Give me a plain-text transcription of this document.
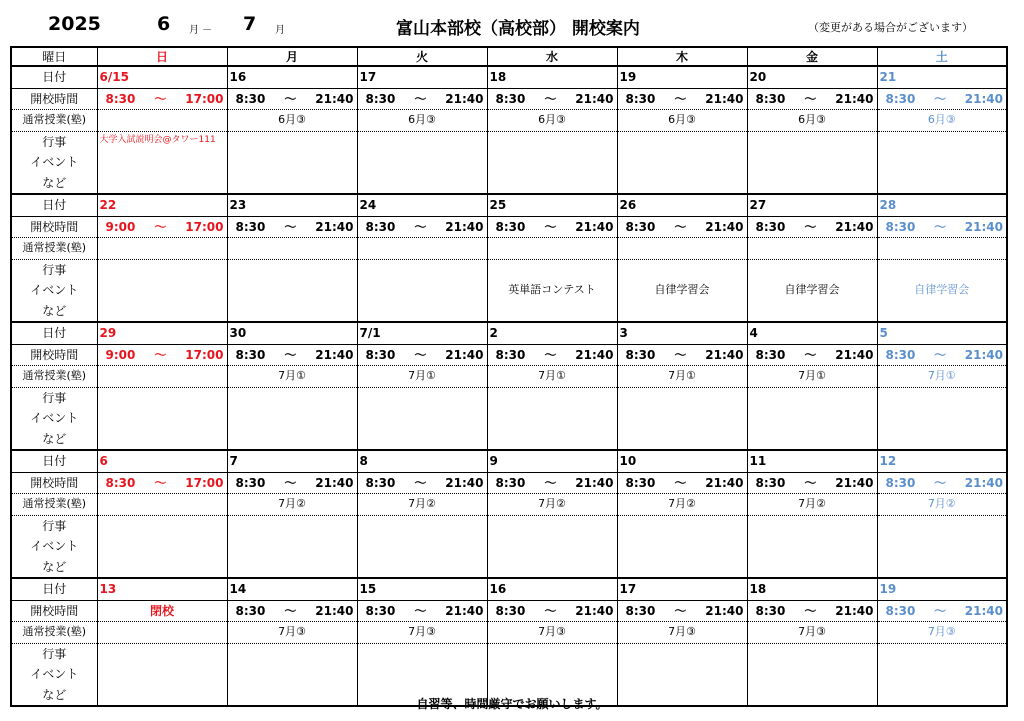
2025	6 月 － 7 月	富山本部校（高校部） 開校案内	（変更がある場合がございます）
曜日	日	月	火	水	木	金	土
日付	6/15	16	17	18	19	20	21
開校時間	8:30 ～ 17:00	8:30 ～ 21:40	8:30 ～ 21:40	8:30 ～ 21:40	8:30 ～ 21:40	8:30 ～ 21:40	8:30 ～ 21:40

通常授業(塾)		6月③	6月③	6月③	6月③	6月③	6月③
行事	大学入試説明会@タワー111						
イベント							
など							
日付	22	23	24	25	26	27	28
開校時間	9:00 ～ 17:00	8:30 ～ 21:40	8:30 ～ 21:40	8:30 ～ 21:40	8:30 ～ 21:40	8:30 ～ 21:40	8:30 ～ 21:40

通常授業(塾)							
行事				英単語コンテスト	自律学習会	自律学習会	自律学習会
イベント							
など							
日付	29	30	7/1	2	3	4	5
開校時間	9:00 ～ 17:00	8:30 ～ 21:40	8:30 ～ 21:40	8:30 ～ 21:40	8:30 ～ 21:40	8:30 ～ 21:40	8:30 ～ 21:40

通常授業(塾)		7月①	7月①	7月①	7月①	7月①	7月①
行事							
イベント							
など							
日付	6	7	8	9	10	11	12
開校時間	8:30 ～ 17:00	8:30 ～ 21:40	8:30 ～ 21:40	8:30 ～ 21:40	8:30 ～ 21:40	8:30 ～ 21:40	8:30 ～ 21:40

通常授業(塾)		7月②	7月②	7月②	7月②	7月②	7月②
行事							
イベント							
など							
日付	13	14	15	16	17	18	19
開校時間	閉校	8:30 ～ 21:40	8:30 ～ 21:40	8:30 ～ 21:40	8:30 ～ 21:40	8:30 ～ 21:40	8:30 ～ 21:40

通常授業(塾)		7月③	7月③	7月③	7月③	7月③	7月③
行事							
イベント							
など							
自習等、時間厳守でお願いします。
